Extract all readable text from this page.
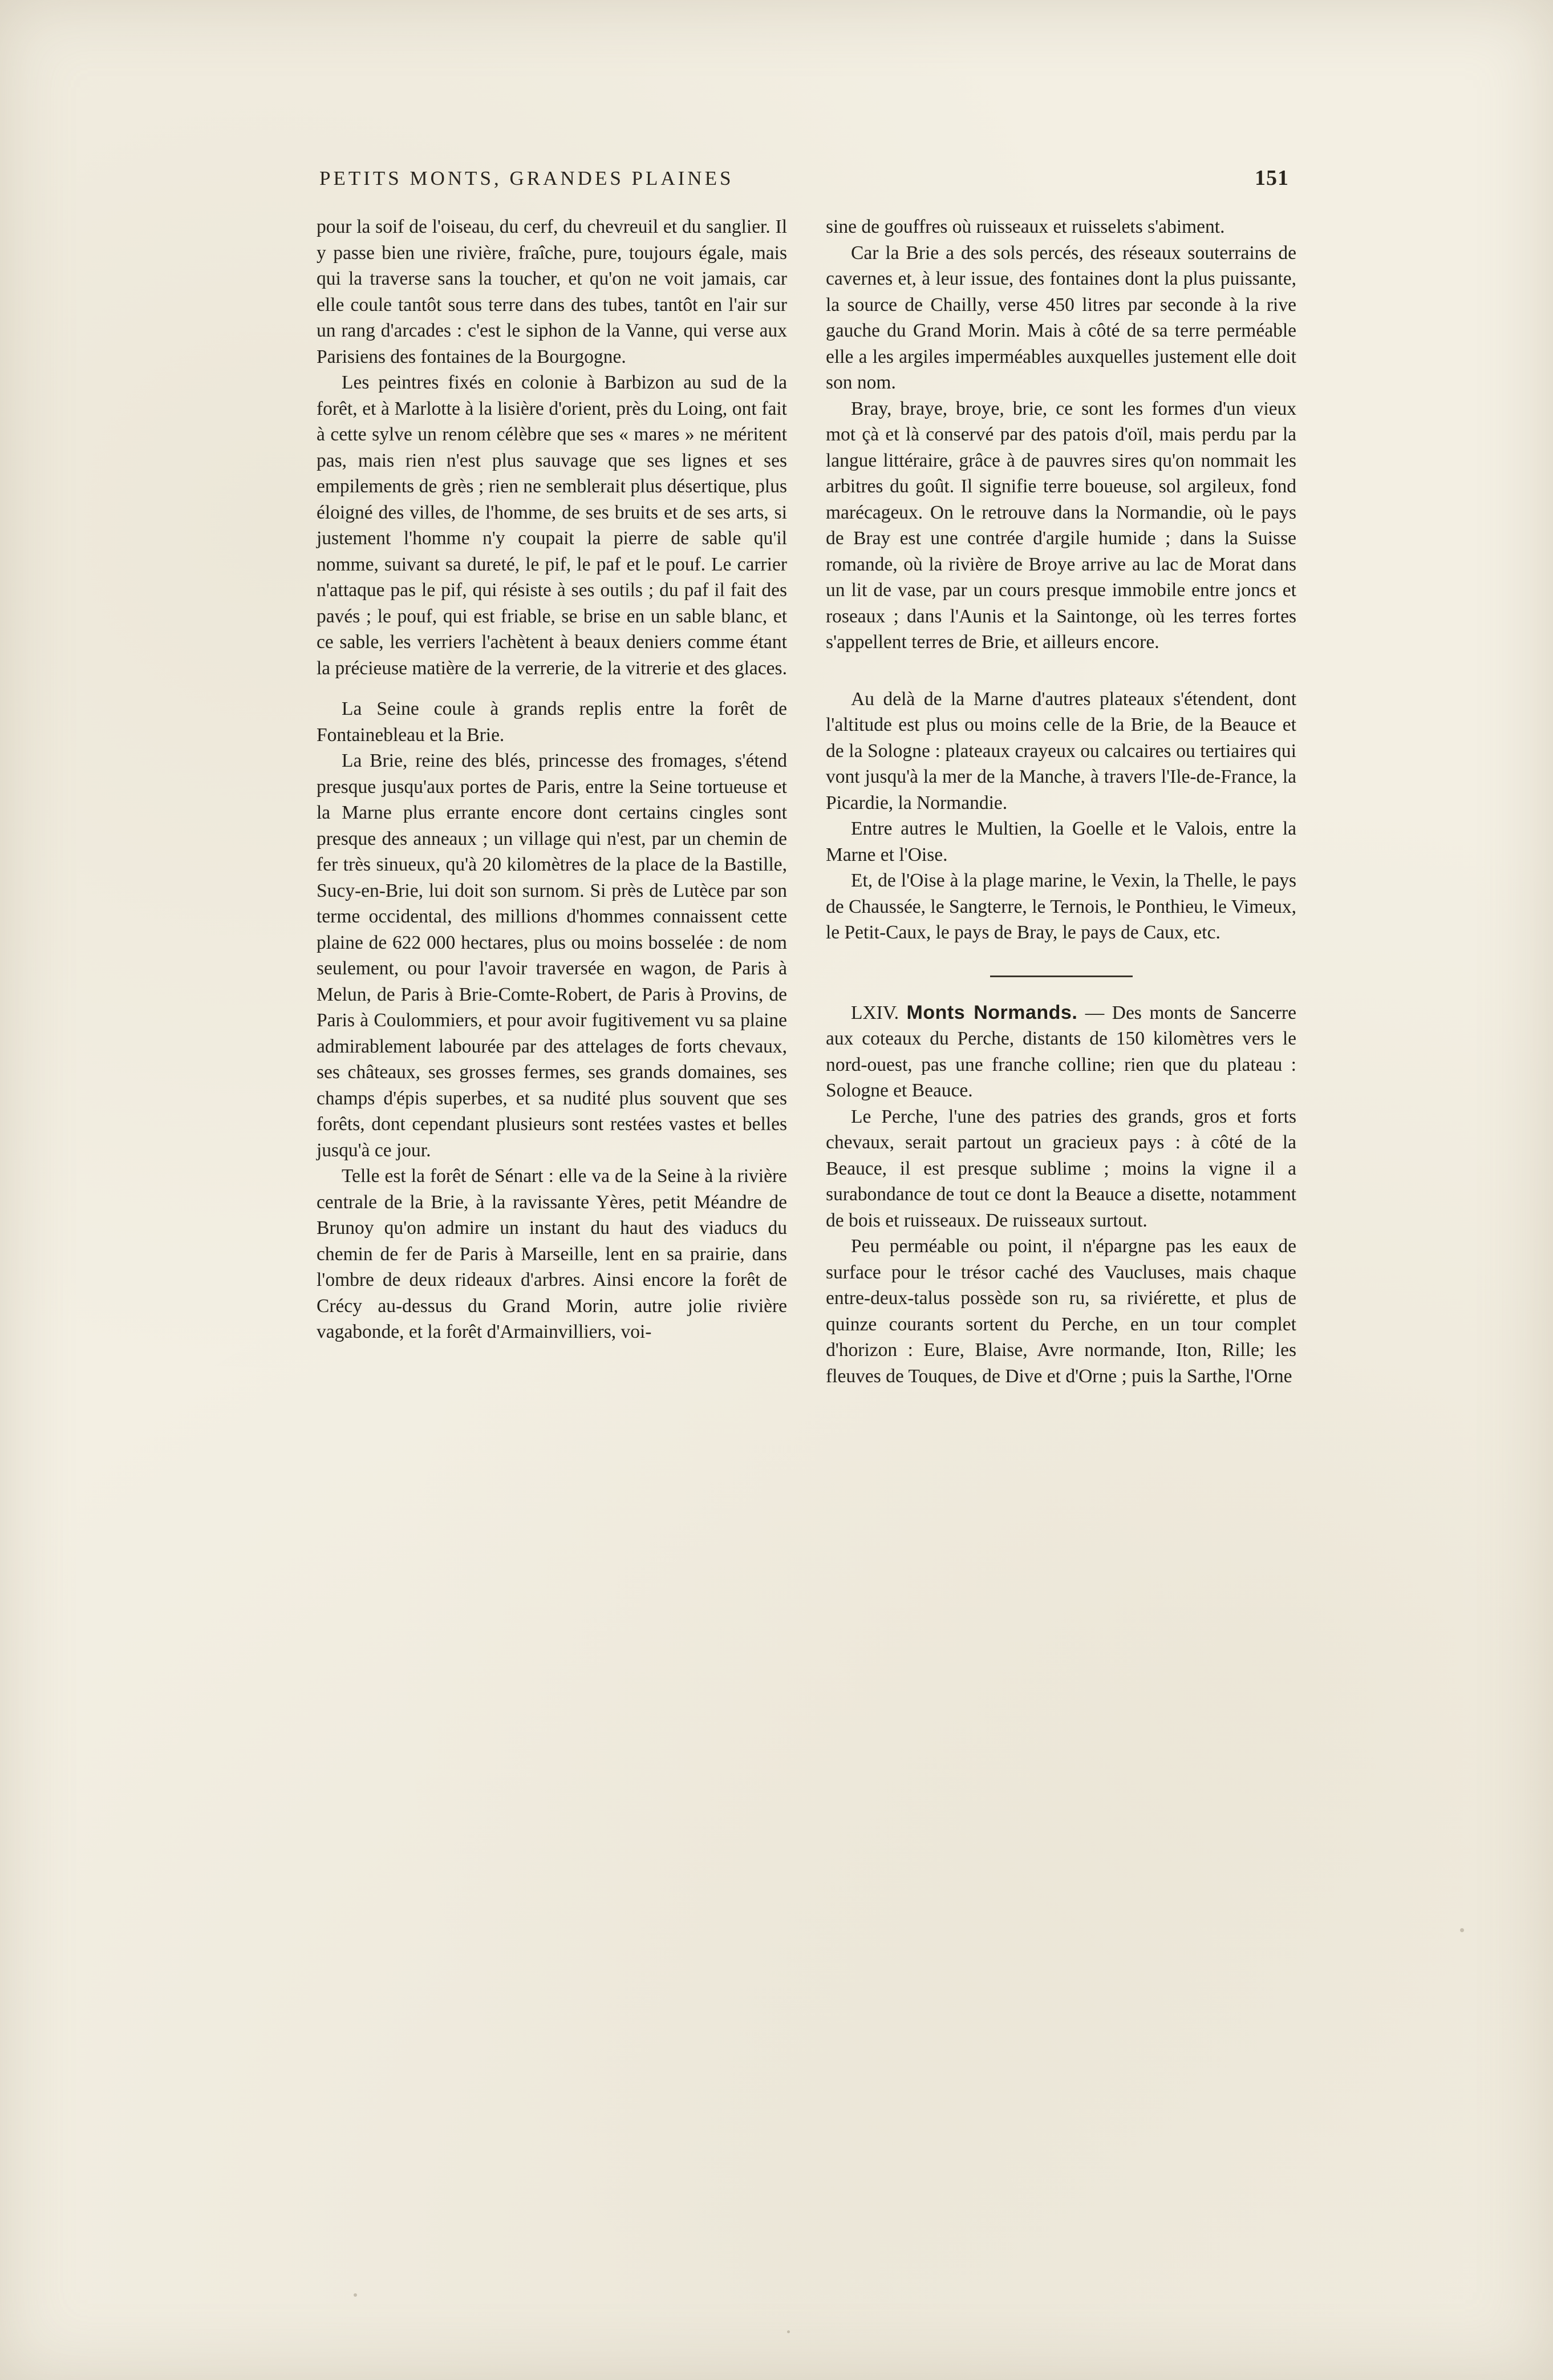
PETITS MONTS, GRANDES PLAINES	151

pour la soif de l'oiseau, du cerf, du chevreuil et du sanglier. Il y passe bien une rivière, fraîche, pure, toujours égale, mais qui la traverse sans la toucher, et qu'on ne voit jamais, car elle coule tantôt sous terre dans des tubes, tantôt en l'air sur un rang d'arcades : c'est le siphon de la Vanne, qui verse aux Parisiens des fontaines de la Bourgogne.

Les peintres fixés en colonie à Barbizon au sud de la forêt, et à Marlotte à la lisière d'orient, près du Loing, ont fait à cette sylve un renom célèbre que ses « mares » ne méritent pas, mais rien n'est plus sauvage que ses lignes et ses empilements de grès ; rien ne semblerait plus désertique, plus éloigné des villes, de l'homme, de ses bruits et de ses arts, si justement l'homme n'y coupait la pierre de sable qu'il nomme, suivant sa dureté, le pif, le paf et le pouf. Le carrier n'attaque pas le pif, qui résiste à ses outils ; du paf il fait des pavés ; le pouf, qui est friable, se brise en un sable blanc, et ce sable, les verriers l'achètent à beaux deniers comme étant la précieuse matière de la verrerie, de la vitrerie et des glaces.

La Seine coule à grands replis entre la forêt de Fontainebleau et la Brie.

La Brie, reine des blés, princesse des fromages, s'étend presque jusqu'aux portes de Paris, entre la Seine tortueuse et la Marne plus errante encore dont certains cingles sont presque des anneaux ; un village qui n'est, par un chemin de fer très sinueux, qu'à 20 kilomètres de la place de la Bastille, Sucy-en-Brie, lui doit son surnom. Si près de Lutèce par son terme occidental, des millions d'hommes connaissent cette plaine de 622 000 hectares, plus ou moins bosselée : de nom seulement, ou pour l'avoir traversée en wagon, de Paris à Melun, de Paris à Brie-Comte-Robert, de Paris à Provins, de Paris à Coulommiers, et pour avoir fugitivement vu sa plaine admirablement labourée par des attelages de forts chevaux, ses châteaux, ses grosses fermes, ses grands domaines, ses champs d'épis superbes, et sa nudité plus souvent que ses forêts, dont cependant plusieurs sont restées vastes et belles jusqu'à ce jour.

Telle est la forêt de Sénart : elle va de la Seine à la rivière centrale de la Brie, à la ravissante Yères, petit Méandre de Brunoy qu'on admire un instant du haut des viaducs du chemin de fer de Paris à Marseille, lent en sa prairie, dans l'ombre de deux rideaux d'arbres. Ainsi encore la forêt de Crécy au-dessus du Grand Morin, autre jolie rivière vagabonde, et la forêt d'Armainvilliers, voi-

sine de gouffres où ruisseaux et ruisselets s'abiment.

Car la Brie a des sols percés, des réseaux souterrains de cavernes et, à leur issue, des fontaines dont la plus puissante, la source de Chailly, verse 450 litres par seconde à la rive gauche du Grand Morin. Mais à côté de sa terre perméable elle a les argiles imperméables auxquelles justement elle doit son nom.

Bray, braye, broye, brie, ce sont les formes d'un vieux mot çà et là conservé par des patois d'oïl, mais perdu par la langue littéraire, grâce à de pauvres sires qu'on nommait les arbitres du goût. Il signifie terre boueuse, sol argileux, fond marécageux. On le retrouve dans la Normandie, où le pays de Bray est une contrée d'argile humide ; dans la Suisse romande, où la rivière de Broye arrive au lac de Morat dans un lit de vase, par un cours presque immobile entre joncs et roseaux ; dans l'Aunis et la Saintonge, où les terres fortes s'appellent terres de Brie, et ailleurs encore.

Au delà de la Marne d'autres plateaux s'étendent, dont l'altitude est plus ou moins celle de la Brie, de la Beauce et de la Sologne : plateaux crayeux ou calcaires ou tertiaires qui vont jusqu'à la mer de la Manche, à travers l'Ile-de-France, la Picardie, la Normandie.

Entre autres le Multien, la Goelle et le Valois, entre la Marne et l'Oise.

Et, de l'Oise à la plage marine, le Vexin, la Thelle, le pays de Chaussée, le Sangterre, le Ternois, le Ponthieu, le Vimeux, le Petit-Caux, le pays de Bray, le pays de Caux, etc.

LXIV. Monts Normands. — Des monts de Sancerre aux coteaux du Perche, distants de 150 kilomètres vers le nord-ouest, pas une franche colline; rien que du plateau : Sologne et Beauce.

Le Perche, l'une des patries des grands, gros et forts chevaux, serait partout un gracieux pays : à côté de la Beauce, il est presque sublime ; moins la vigne il a surabondance de tout ce dont la Beauce a disette, notamment de bois et ruisseaux. De ruisseaux surtout.

Peu perméable ou point, il n'épargne pas les eaux de surface pour le trésor caché des Vaucluses, mais chaque entre-deux-talus possède son ru, sa riviérette, et plus de quinze courants sortent du Perche, en un tour complet d'horizon : Eure, Blaise, Avre normande, Iton, Rille; les fleuves de Touques, de Dive et d'Orne ; puis la Sarthe, l'Orne
